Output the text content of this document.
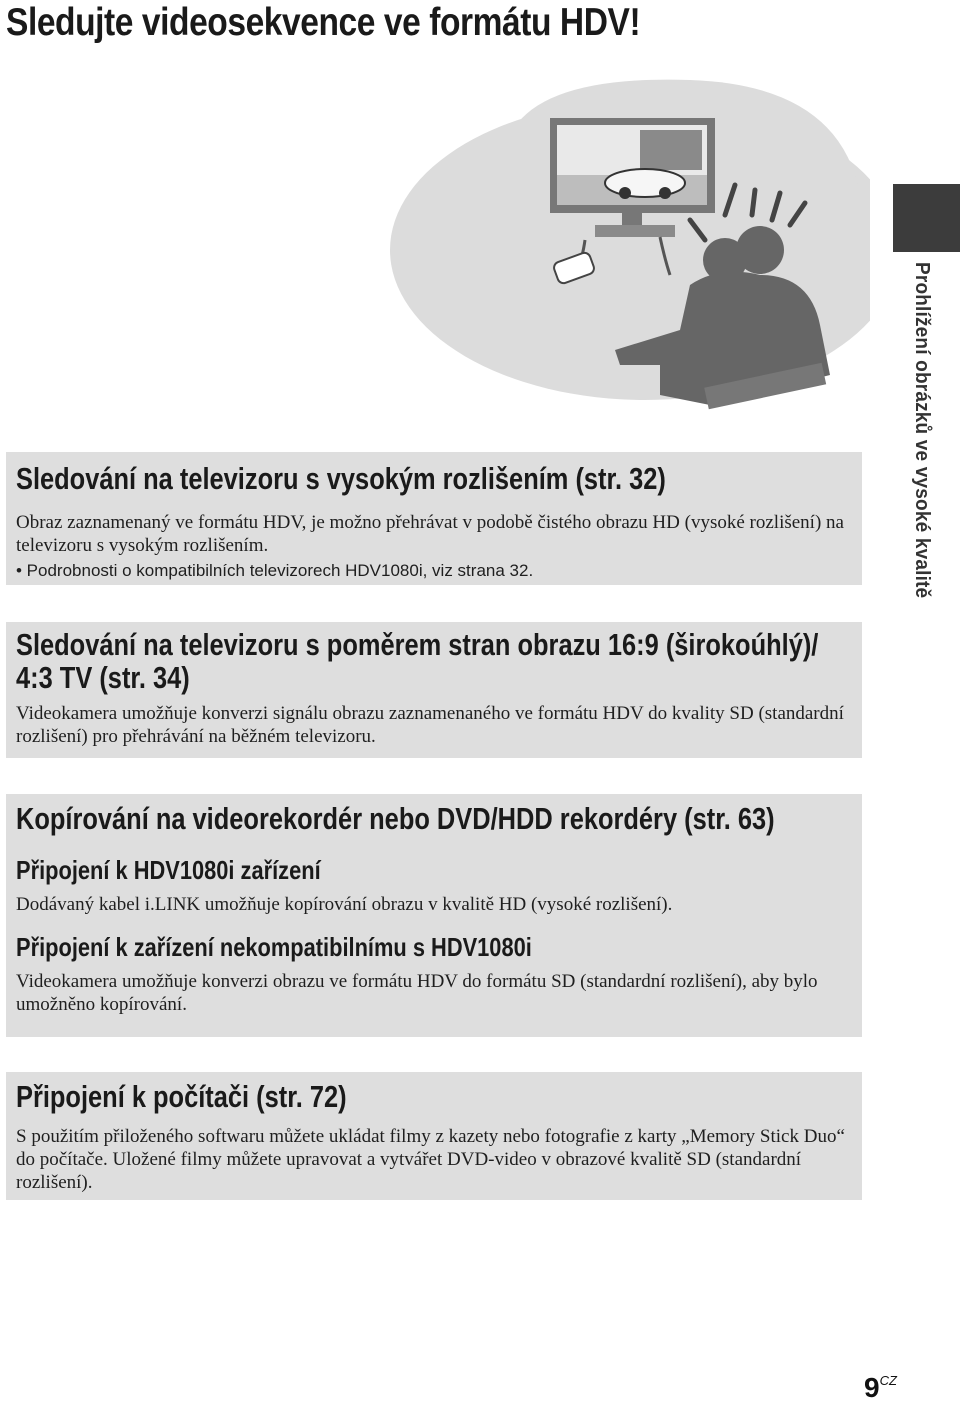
Sledujte videosekvence ve formátu HDV!
Prohlížení obrázků ve vysoké kvalitě
Sledování na televizoru s vysokým rozlišením (str. 32)

Obraz zaznamenaný ve formátu HDV, je možno přehrávat v podobě čistého obrazu HD (vysoké rozlišení) na televizoru s vysokým rozlišením.

• Podrobnosti o kompatibilních televizorech HDV1080i, viz strana 32.

Sledování na televizoru s poměrem stran obrazu 16:9 (širokoúhlý)/
4:3 TV (str. 34)

Videokamera umožňuje konverzi signálu obrazu zaznamenaného ve formátu HDV do kvality SD (standardní rozlišení) pro přehrávání na běžném televizoru.

Kopírování na videorekordér nebo DVD/HDD rekordéry (str. 63)
Připojení k HDV1080i zařízení

Dodávaný kabel i.LINK umožňuje kopírování obrazu v kvalitě HD (vysoké rozlišení).

Připojení k zařízení nekompatibilnímu s HDV1080i

Videokamera umožňuje konverzi obrazu ve formátu HDV do formátu SD (standardní rozlišení), aby bylo umožněno kopírování.

Připojení k počítači (str. 72)

S použitím přiloženého softwaru můžete ukládat filmy z kazety nebo fotografie z karty „Memory Stick Duo“ do počítače. Uložené filmy můžete upravovat a vytvářet DVD-video v obrazové kvalitě SD (standardní rozlišení).

$9^{CZ}$
